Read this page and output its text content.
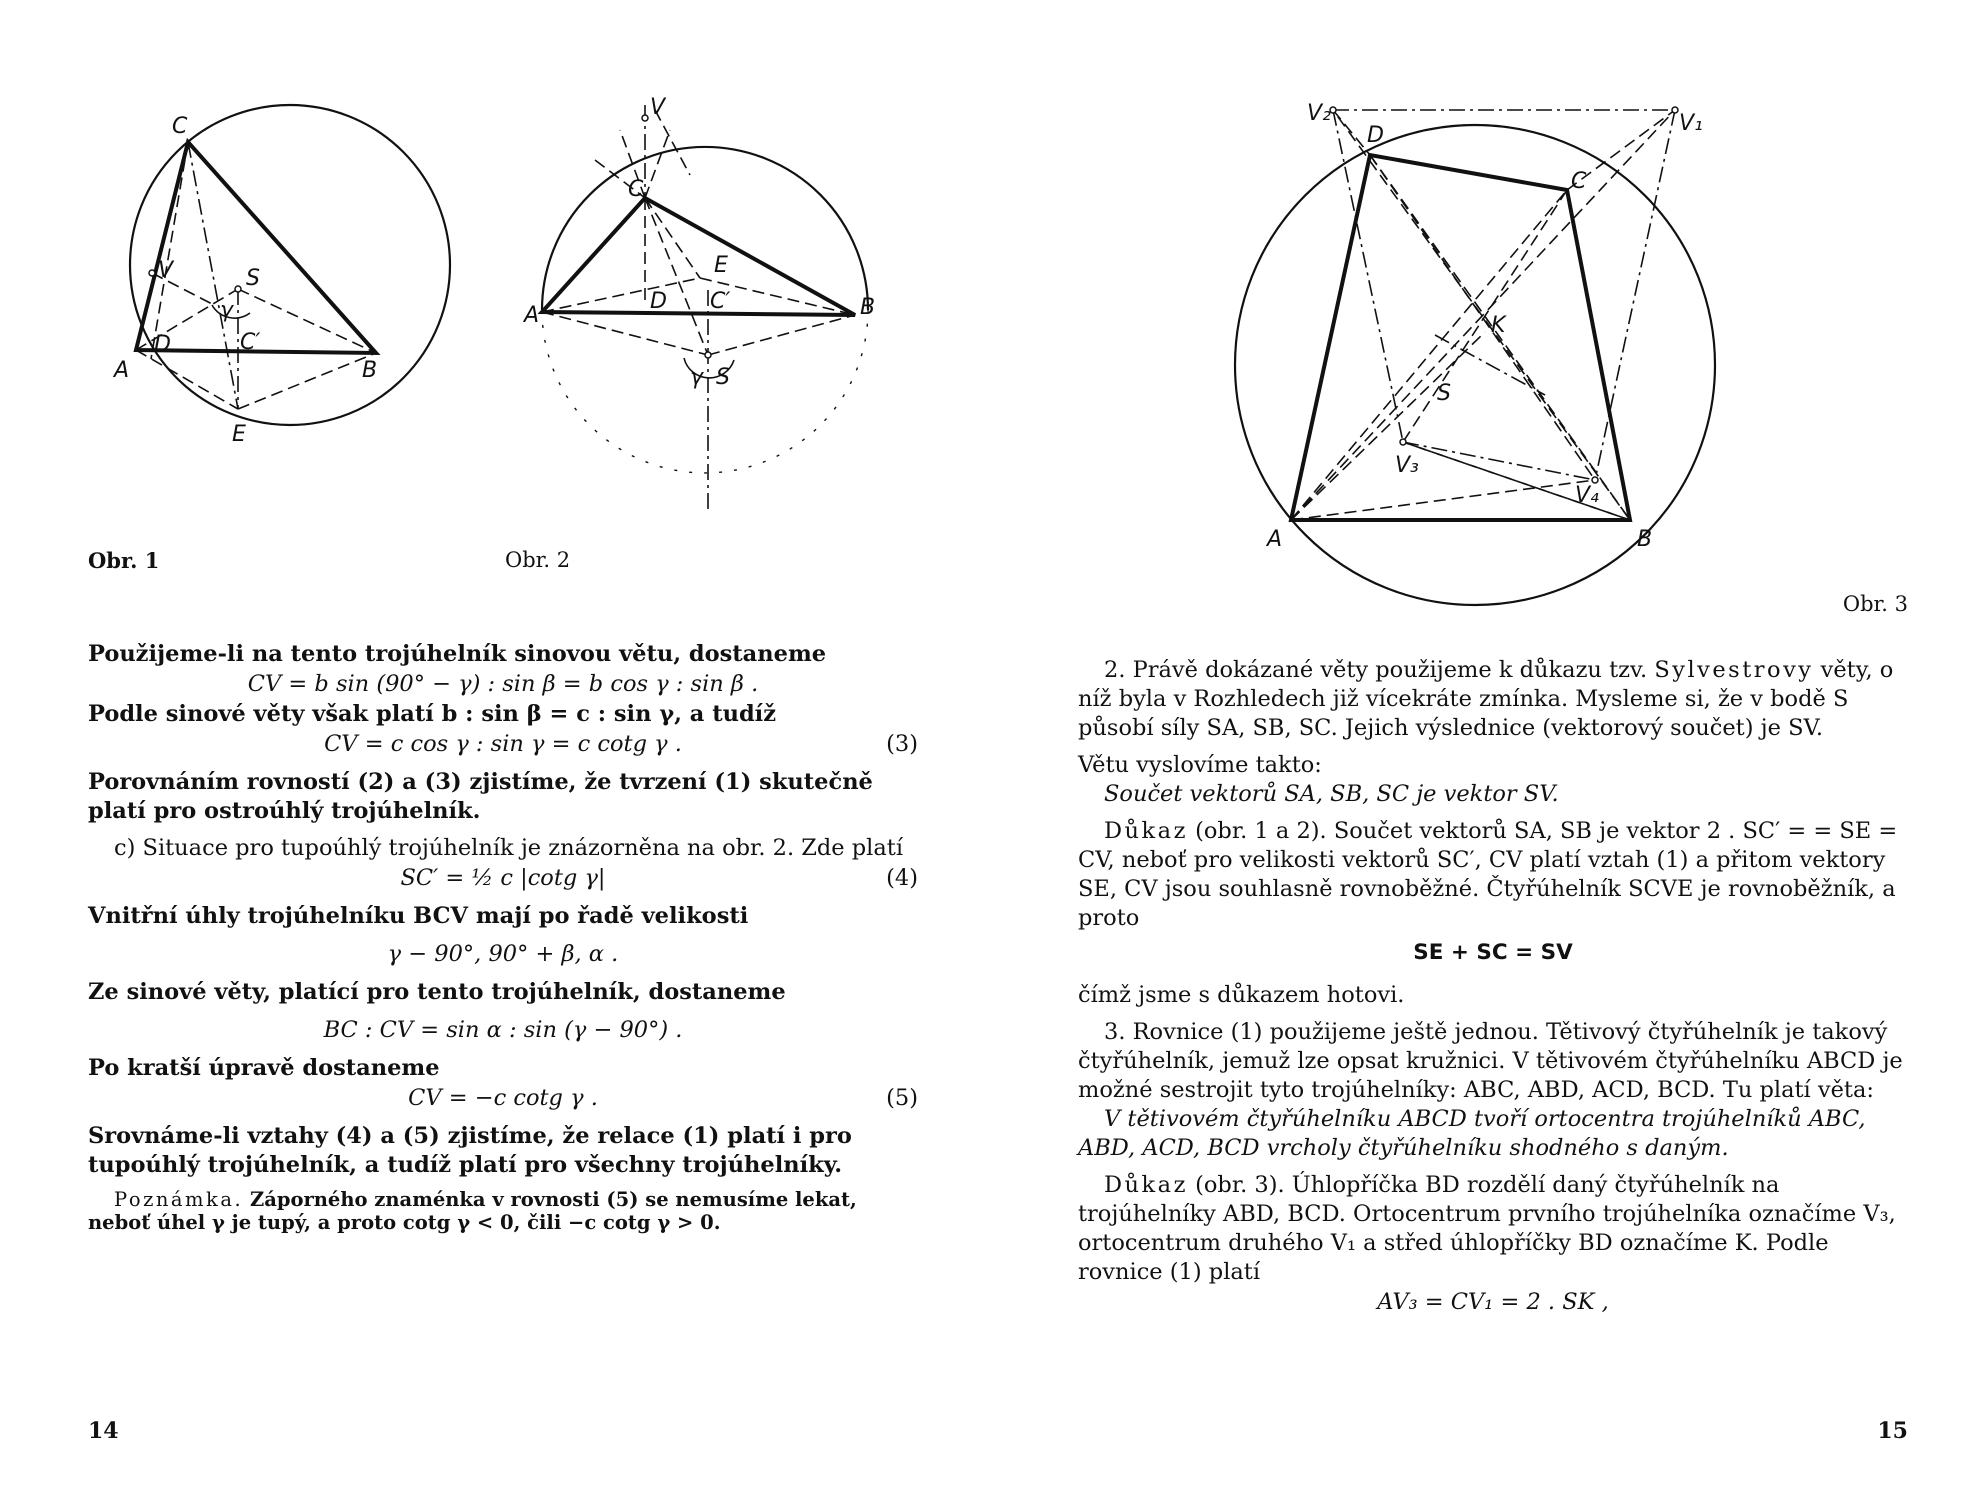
C
V	S
γ
D	C′
A	B
E
V
C
E
D C′
A	B
γ S
Obr. 1	Obr. 2

Použijeme-li na tento trojúhelník sinovou větu, dostaneme

CV = b sin (90° − γ) : sin β = b cos γ : sin β .

Podle sinové věty však platí b : sin β = c : sin γ, a tudíž

CV = c cos γ : sin γ = c cotg γ .	(3)

Porovnáním rovností (2) a (3) zjistíme, že tvrzení (1) skutečně platí pro ostroúhlý trojúhelník.

c) Situace pro tupoúhlý trojúhelník je znázorněna na obr. 2. Zde platí

SC′ = ½ c |cotg γ|	(4)

Vnitřní úhly trojúhelníku BCV mají po řadě velikosti

γ − 90°, 90° + β, α .

Ze sinové věty, platící pro tento trojúhelník, dostaneme

BC : CV = sin α : sin (γ − 90°) .

Po kratší úpravě dostaneme

CV = −c cotg γ .	(5)

Srovnáme-li vztahy (4) a (5) zjistíme, že relace (1) platí i pro tupoúhlý trojúhelník, a tudíž platí pro všechny trojúhelníky.

Poznámka. Záporného znaménka v rovnosti (5) se nemusíme lekat, neboť úhel γ je tupý, a proto cotg γ < 0, čili −c cotg γ > 0.

14
V₂
D	V₁
C
K
S
V₃
V₄
A	B
Obr. 3

2. Právě dokázané věty použijeme k důkazu tzv. Sylvestrovy věty, o níž byla v Rozhledech již vícekráte zmínka. Mysleme si, že v bodě S působí síly SA, SB, SC. Jejich výslednice (vektorový součet) je SV.

Větu vyslovíme takto:

Součet vektorů SA, SB, SC je vektor SV.

Důkaz (obr. 1 a 2). Součet vektorů SA, SB je vektor 2 . SC′ = = SE = CV, neboť pro velikosti vektorů SC′, CV platí vztah (1) a přitom vektory SE, CV jsou souhlasně rovnoběžné. Čtyřúhelník SCVE je rovnoběžník, a proto

SE + SC = SV

čímž jsme s důkazem hotovi.

3. Rovnice (1) použijeme ještě jednou. Tětivový čtyřúhelník je takový čtyřúhelník, jemuž lze opsat kružnici. V tětivovém čtyřúhelníku ABCD je možné sestrojit tyto trojúhelníky: ABC, ABD, ACD, BCD. Tu platí věta:

V tětivovém čtyřúhelníku ABCD tvoří ortocentra trojúhelníků ABC, ABD, ACD, BCD vrcholy čtyřúhelníku shodného s daným.

Důkaz (obr. 3). Úhlopříčka BD rozdělí daný čtyřúhelník na trojúhelníky ABD, BCD. Ortocentrum prvního trojúhelníka označíme V₃, ortocentrum druhého V₁ a střed úhlopříčky BD označíme K. Podle rovnice (1) platí

AV₃ = CV₁ = 2 . SK ,
15
